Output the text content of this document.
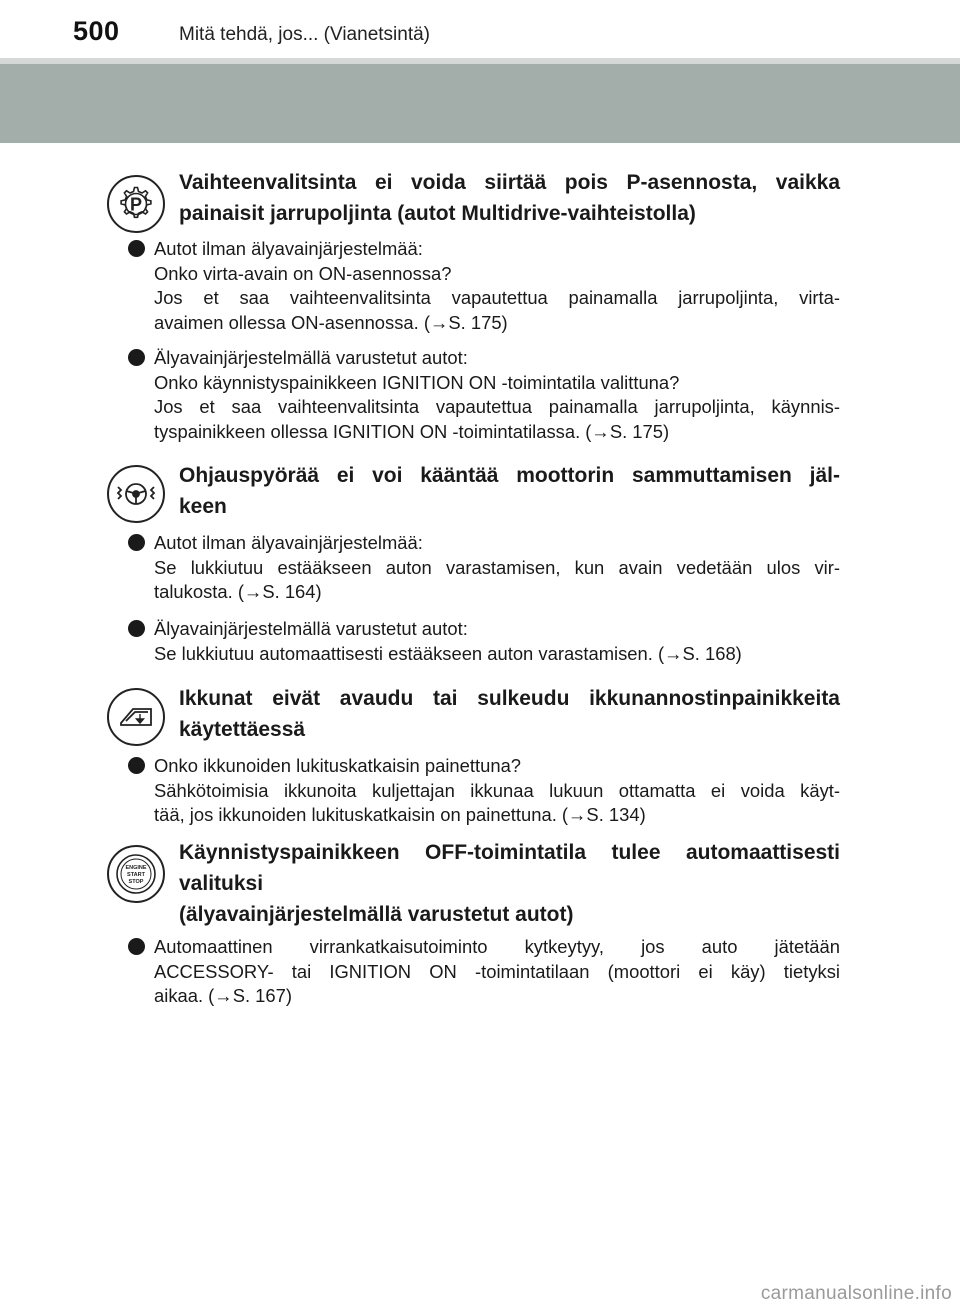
500	Mitä tehdä, jos... (Vianetsintä)
P
Vaihteenvalitsinta ei voida siirtää pois P-asennosta, vaikka
painaisit jarrupoljinta (autot Multidrive-vaihteistolla)
Autot ilman älyavainjärjestelmää:
Onko virta-avain on ON-asennossa?
Jos et saa vaihteenvalitsinta vapautettua painamalla jarrupoljinta, virta-
avaimen ollessa ON-asennossa. (→S. 175)
Älyavainjärjestelmällä varustetut autot:
Onko käynnistyspainikkeen IGNITION ON -toimintatila valittuna?
Jos et saa vaihteenvalitsinta vapautettua painamalla jarrupoljinta, käynnis-
tyspainikkeen ollessa IGNITION ON -toimintatilassa. (→S. 175)
Ohjauspyörää ei voi kääntää moottorin sammuttamisen jäl-
keen
Autot ilman älyavainjärjestelmää:
Se lukkiutuu estääkseen auton varastamisen, kun avain vedetään ulos vir-
talukosta. (→S. 164)
Älyavainjärjestelmällä varustetut autot:
Se lukkiutuu automaattisesti estääkseen auton varastamisen. (→S. 168)
Ikkunat eivät avaudu tai sulkeudu ikkunannostinpainikkeita
käytettäessä
Onko ikkunoiden lukituskatkaisin painettuna?
Sähkötoimisia ikkunoita kuljettajan ikkunaa lukuun ottamatta ei voida käyt-
tää, jos ikkunoiden lukituskatkaisin on painettuna. (→S. 134)
ENGINE
START
STOP
Käynnistyspainikkeen OFF-toimintatila tulee automaattisesti
valituksi
(älyavainjärjestelmällä varustetut autot)
Automaattinen virrankatkaisutoiminto kytkeytyy, jos auto jätetään
ACCESSORY- tai IGNITION ON -toimintatilaan (moottori ei käy) tietyksi
aikaa. (→S. 167)
carmanualsonline.info
